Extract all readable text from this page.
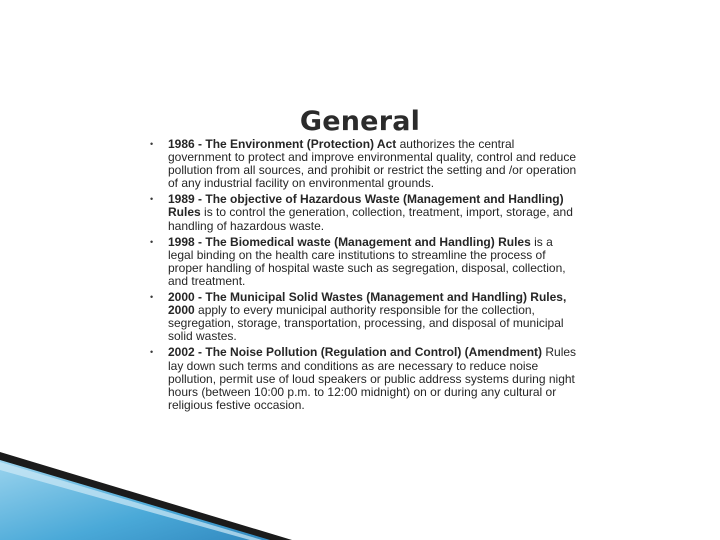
General
• 1986 - The Environment (Protection) Act authorizes the central government to protect and improve environmental quality, control and reduce pollution from all sources, and prohibit or restrict the setting and /or operation of any industrial facility on environmental grounds.
• 1989 - The objective of Hazardous Waste (Management and Handling) Rules is to control the generation, collection, treatment, import, storage, and handling of hazardous waste.
• 1998 - The Biomedical waste (Management and Handling) Rules is a legal binding on the health care institutions to streamline the process of proper handling of hospital waste such as segregation, disposal, collection, and treatment.
• 2000 - The Municipal Solid Wastes (Management and Handling) Rules, 2000 apply to every municipal authority responsible for the collection, segregation, storage, transportation, processing, and disposal of municipal solid wastes.
• 2002 - The Noise Pollution (Regulation and Control) (Amendment) Rules lay down such terms and conditions as are necessary to reduce noise pollution, permit use of loud speakers or public address systems during night hours (between 10:00 p.m. to 12:00 midnight) on or during any cultural or religious festive occasion.
